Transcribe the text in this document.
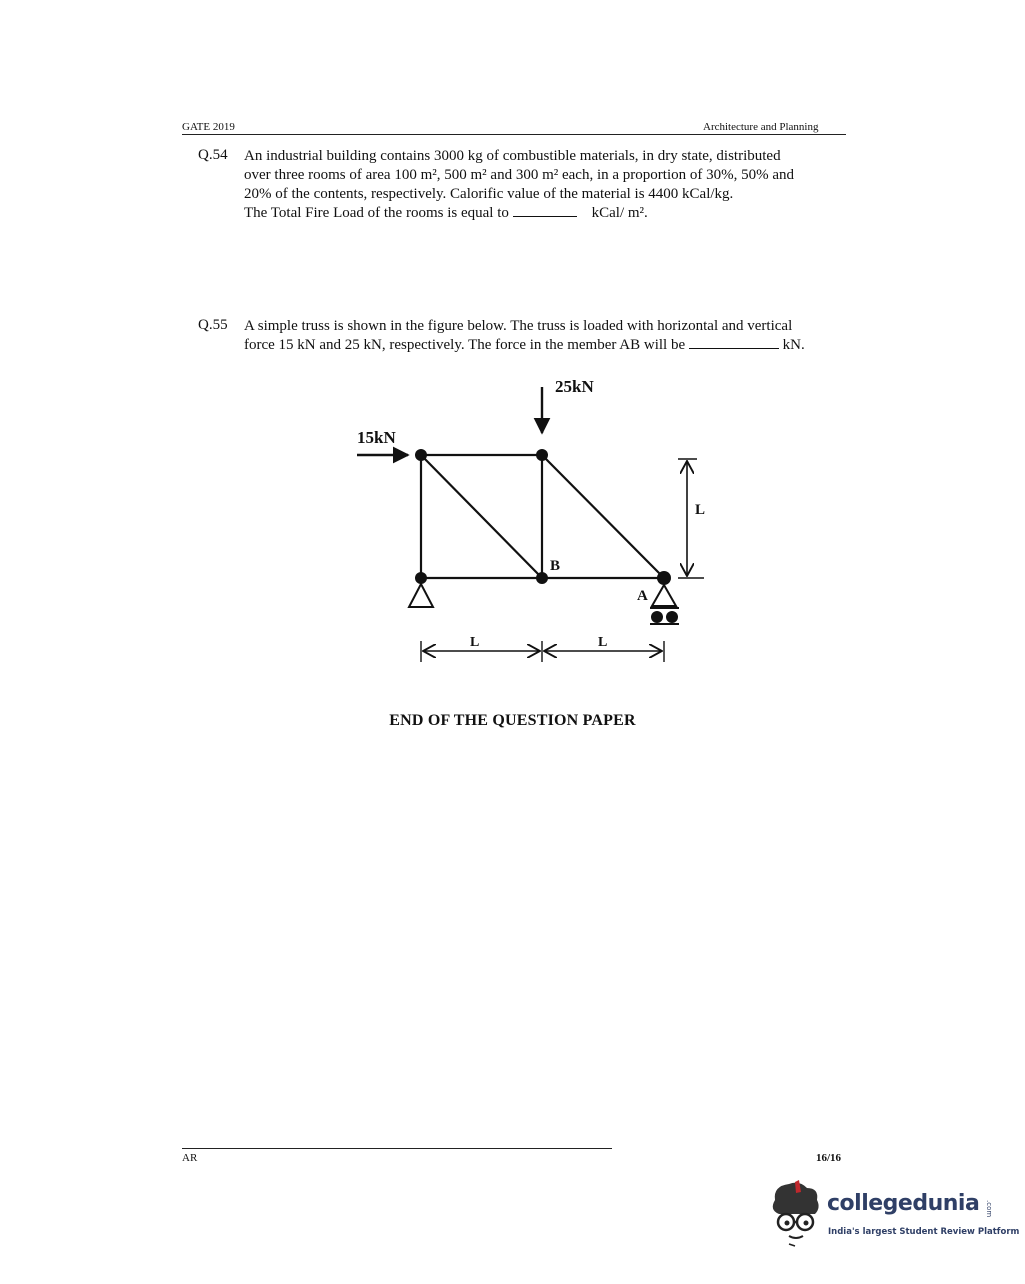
GATE 2019	Architecture and Planning
Q.54 An industrial building contains 3000 kg of combustible materials, in dry state, distributed
over three rooms of area 100 m², 500 m² and 300 m² each, in a proportion of 30%, 50% and
20% of the contents, respectively. Calorific value of the material is 4400 kCal/kg.
The Total Fire Load of the rooms is equal to	kCal/ m².
Q.55 A simple truss is shown in the figure below. The truss is loaded with horizontal and vertical
force 15 kN and 25 kN, respectively. The force in the member AB will be	kN.
25kN
15kN
B
A
L
L	L
END OF THE QUESTION PAPER
AR	16/16
collegedunia .com
India's largest Student Review Platform
